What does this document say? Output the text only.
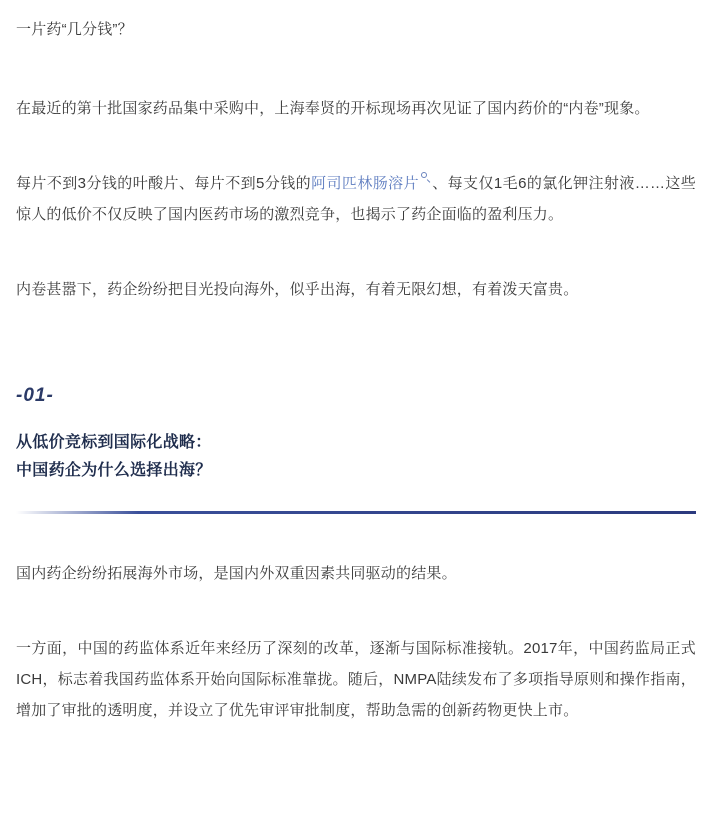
一片药“几分钱”？

在最近的第十批国家药品集中采购中，上海奉贤的开标现场再次见证了国内药价的“内卷”现象。

每片不到3分钱的叶酸片、每片不到5分钱的阿司匹林肠溶片 、每支仅1毛6的氯化钾注射液……这些惊人的低价不仅反映了国内医药市场的激烈竞争，也揭示了药企面临的盈利压力。

内卷甚嚣下，药企纷纷把目光投向海外，似乎出海，有着无限幻想，有着泼天富贵。

-01-

从低价竞标到国际化战略：
中国药企为什么选择出海？

国内药企纷纷拓展海外市场，是国内外双重因素共同驱动的结果。

一方面，中国的药监体系近年来经历了深刻的改革，逐渐与国际标准接轨。2017年，中国药监局正式ICH，标志着我国药监体系开始向国际标准靠拢。随后，NMPA陆续发布了多项指导原则和操作指南，增加了审批的透明度，并设立了优先审评审批制度，帮助急需的创新药物更快上市。
